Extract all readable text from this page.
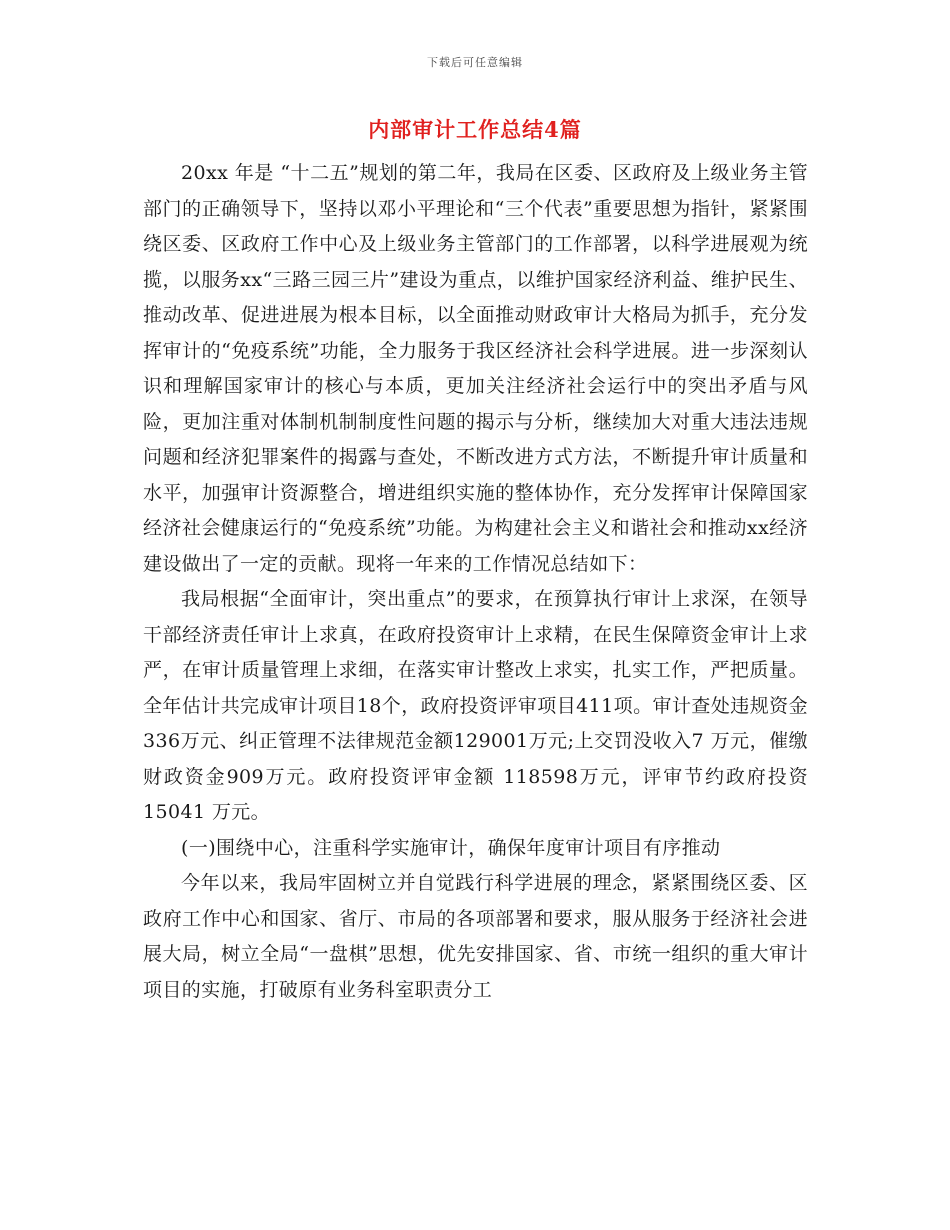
下载后可任意编辑
内部审计工作总结4篇

20xx 年是 “十二五”规划的第二年，我局在区委、区政府及上级业务主管部门的正确领导下，坚持以邓小平理论和“三个代表”重要思想为指针，紧紧围绕区委、区政府工作中心及上级业务主管部门的工作部署，以科学进展观为统揽，以服务xx“三路三园三片”建设为重点，以维护国家经济利益、维护民生、推动改革、促进进展为根本目标，以全面推动财政审计大格局为抓手，充分发挥审计的“免疫系统”功能，全力服务于我区经济社会科学进展。进一步深刻认识和理解国家审计的核心与本质，更加关注经济社会运行中的突出矛盾与风险，更加注重对体制机制制度性问题的揭示与分析，继续加大对重大违法违规问题和经济犯罪案件的揭露与查处，不断改进方式方法，不断提升审计质量和水平，加强审计资源整合，增进组织实施的整体协作，充分发挥审计保障国家经济社会健康运行的“免疫系统”功能。为构建社会主义和谐社会和推动xx经济建设做出了一定的贡献。现将一年来的工作情况总结如下：

我局根据“全面审计，突出重点”的要求，在预算执行审计上求深，在领导干部经济责任审计上求真，在政府投资审计上求精，在民生保障资金审计上求严，在审计质量管理上求细，在落实审计整改上求实，扎实工作，严把质量。全年估计共完成审计项目18个，政府投资评审项目411项。审计查处违规资金336万元、纠正管理不法律规范金额129001万元;上交罚没收入7 万元，催缴财政资金909万元。政府投资评审金额 118598万元，评审节约政府投资15041 万元。

(一)围绕中心，注重科学实施审计，确保年度审计项目有序推动

今年以来，我局牢固树立并自觉践行科学进展的理念，紧紧围绕区委、区政府工作中心和国家、省厅、市局的各项部署和要求，服从服务于经济社会进展大局，树立全局“一盘棋”思想，优先安排国家、省、市统一组织的重大审计项目的实施，打破原有业务科室职责分工
